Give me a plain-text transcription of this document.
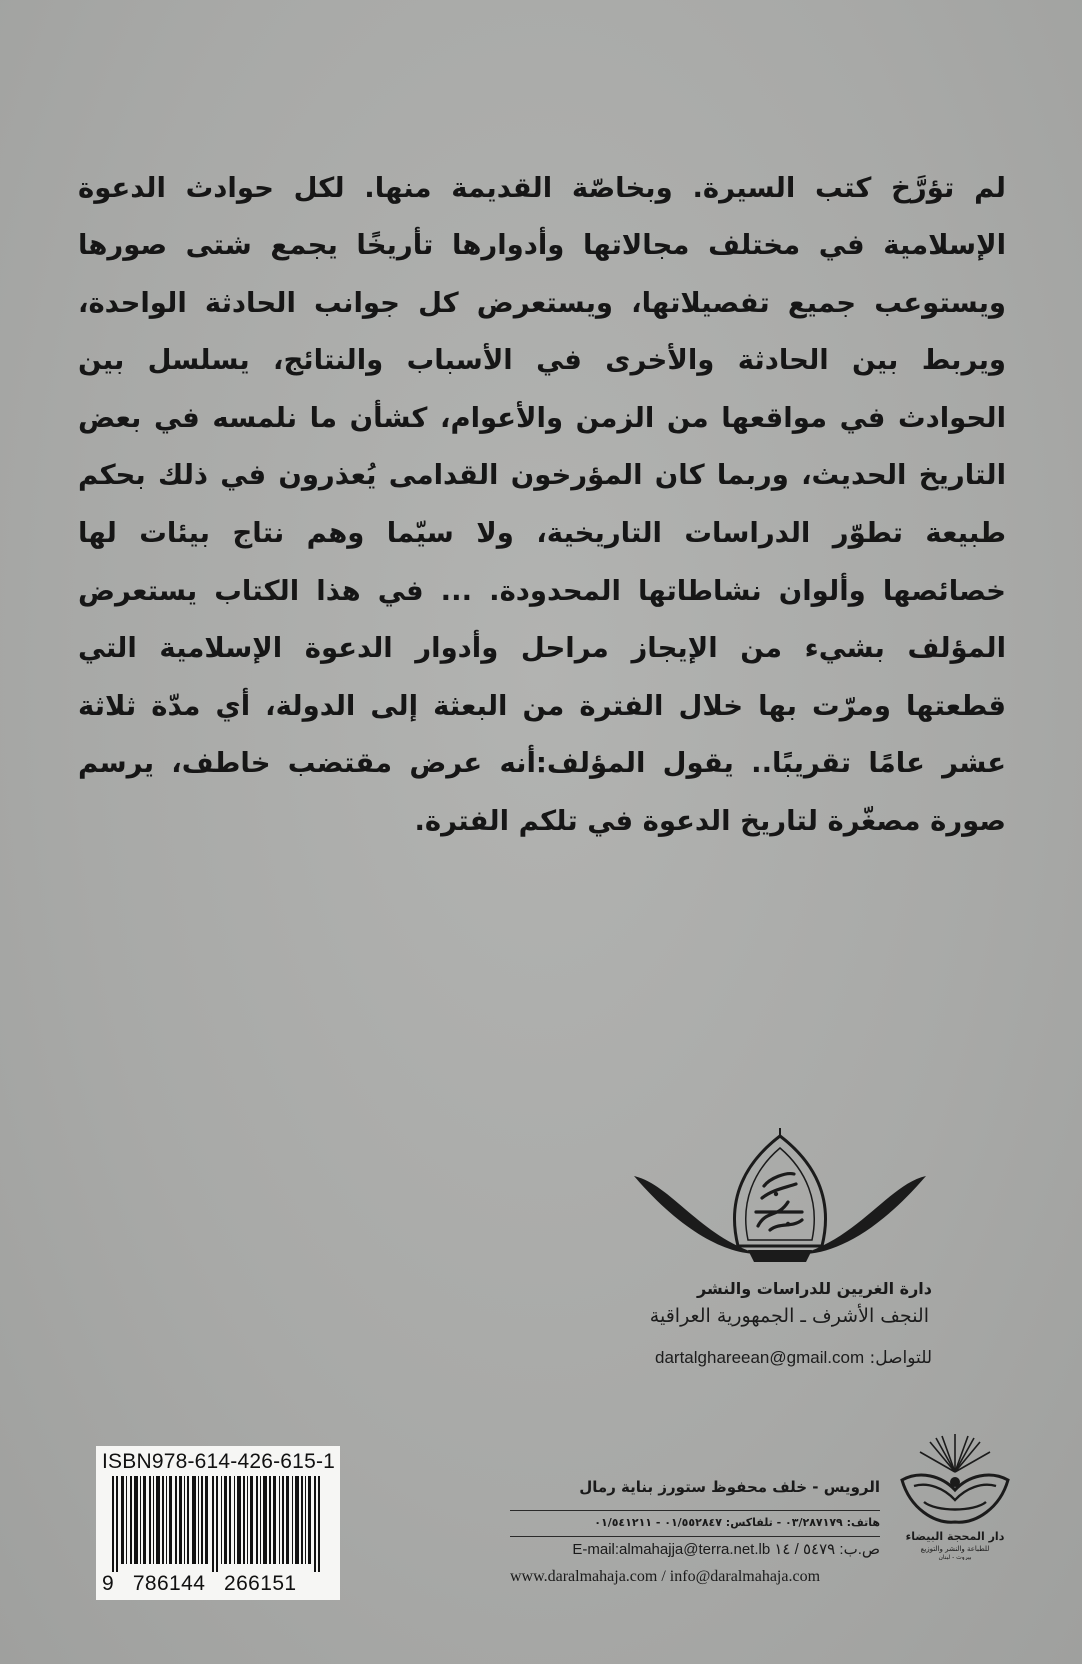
لم تؤرَّخ كتب السيرة. وبخاصّة القديمة منها. لكل حوادث الدعوة الإسلامية في مختلف مجالاتها وأدوارها تأريخًا يجمع شتى صورها ويستوعب جميع تفصيلاتها، ويستعرض كل جوانب الحادثة الواحدة، ويربط بين الحادثة والأخرى في الأسباب والنتائج، يسلسل بين الحوادث في مواقعها من الزمن والأعوام، كشأن ما نلمسه في بعض التاريخ الحديث، وربما كان المؤرخون القدامى يُعذرون في ذلك بحكم طبيعة تطوّر الدراسات التاريخية، ولا سيّما وهم نتاج بيئات لها خصائصها وألوان نشاطاتها المحدودة. ... في هذا الكتاب يستعرض المؤلف بشيء من الإيجاز مراحل وأدوار الدعوة الإسلامية التي قطعتها ومرّت بها خلال الفترة من البعثة إلى الدولة، أي مدّة ثلاثة عشر عامًا تقريبًا.. يقول المؤلف:أنه عرض مقتضب خاطف، يرسم صورة مصغّرة لتاريخ الدعوة في تلكم الفترة.

دارة الغريين للدراسات والنشر
النجف الأشرف ـ الجمهورية العراقية
للتواصل: dartalghareean@gmail.com
ISBN978-614-426-615-1
9 786144 266151
دار المحجة البيضاء
للطباعة والنشر والتوزيع
بيروت - لبنان
الرويس - خلف محفوظ ستورز بناية رمال
هاتف: ٠٣/٢٨٧١٧٩ - تلفاكس: ٠١/٥٥٢٨٤٧ - ٠١/٥٤١٢١١
ص.ب: ٥٤٧٩ / ١٤ E-mail:almahajja@terra.net.lb
www.daralmahaja.com / info@daralmahaja.com
